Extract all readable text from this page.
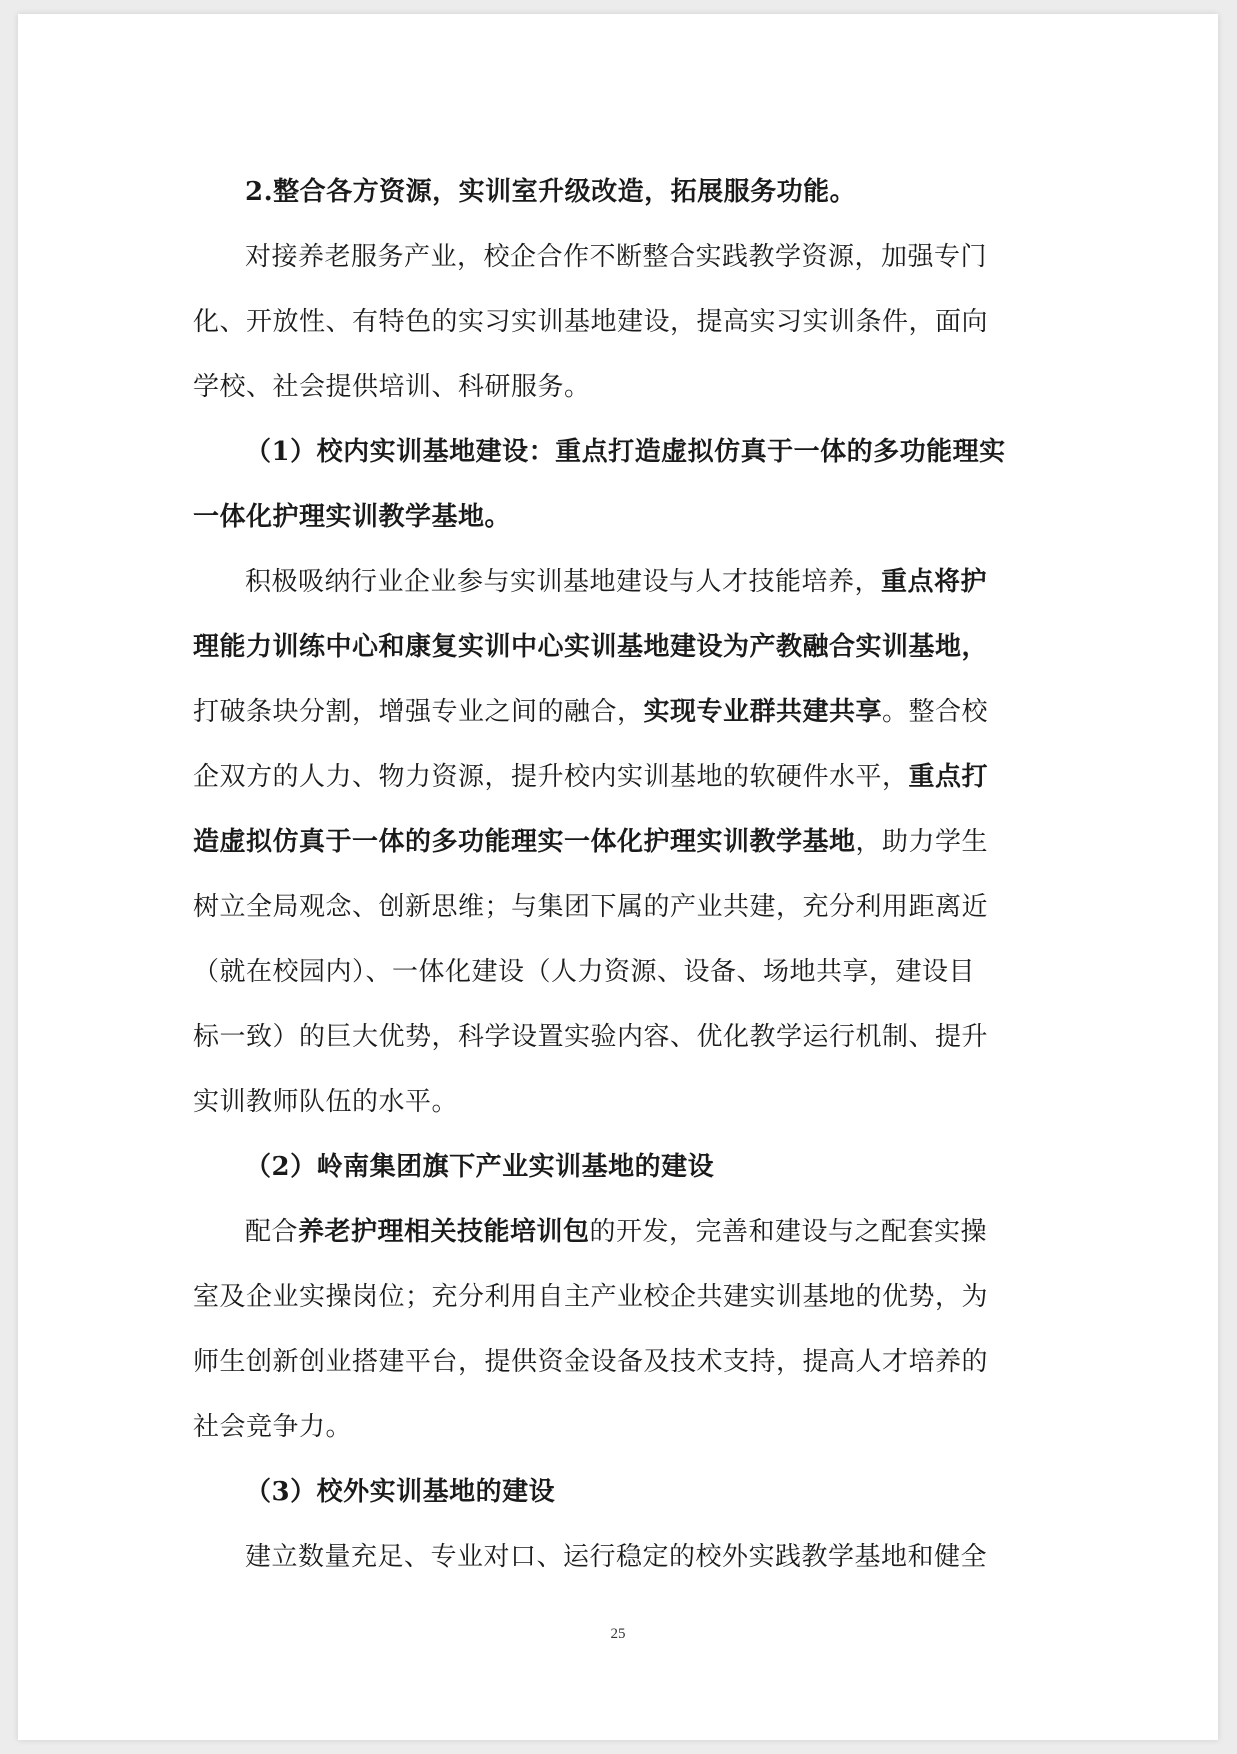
2.整合各方资源，实训室升级改造，拓展服务功能。
对接养老服务产业，校企合作不断整合实践教学资源，加强专门
化、开放性、有特色的实习实训基地建设，提高实习实训条件，面向
学校、社会提供培训、科研服务。
（1）校内实训基地建设：重点打造虚拟仿真于一体的多功能理实
一体化护理实训教学基地。
积极吸纳行业企业参与实训基地建设与人才技能培养，重点将护
理能力训练中心和康复实训中心实训基地建设为产教融合实训基地，
打破条块分割，增强专业之间的融合，实现专业群共建共享。整合校
企双方的人力、物力资源，提升校内实训基地的软硬件水平，重点打
造虚拟仿真于一体的多功能理实一体化护理实训教学基地，助力学生
树立全局观念、创新思维；与集团下属的产业共建，充分利用距离近
（就在校园内）、一体化建设（人力资源、设备、场地共享，建设目
标一致）的巨大优势，科学设置实验内容、优化教学运行机制、提升
实训教师队伍的水平。
（2）岭南集团旗下产业实训基地的建设
配合养老护理相关技能培训包的开发，完善和建设与之配套实操
室及企业实操岗位；充分利用自主产业校企共建实训基地的优势，为
师生创新创业搭建平台，提供资金设备及技术支持，提高人才培养的
社会竞争力。
（3）校外实训基地的建设
建立数量充足、专业对口、运行稳定的校外实践教学基地和健全
25
